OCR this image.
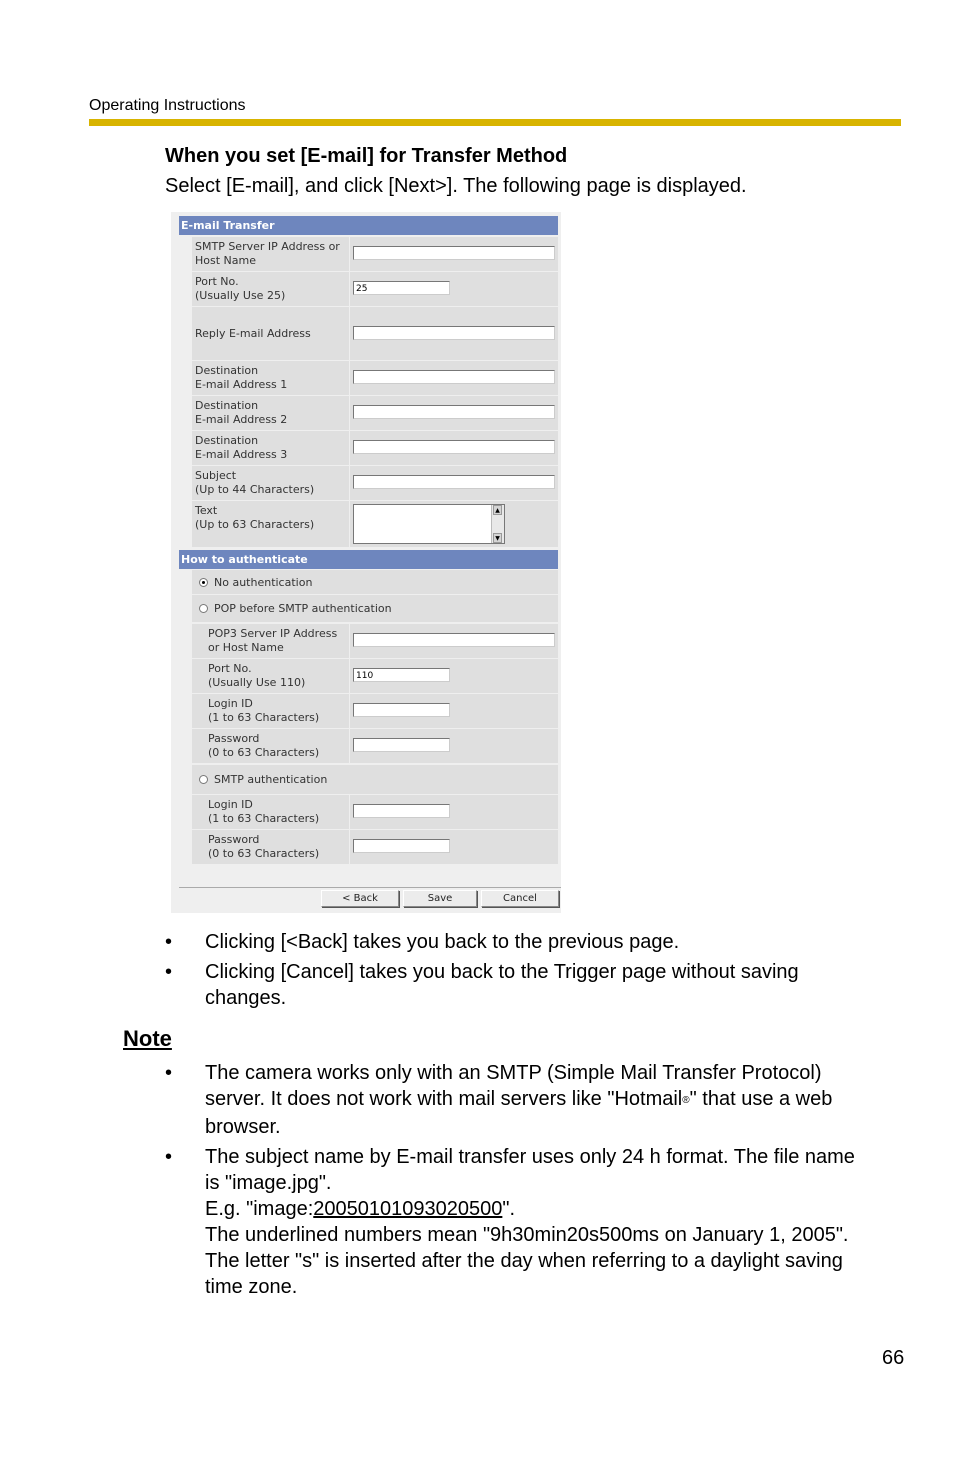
Operating Instructions
When you set [E-mail] for Transfer Method
Select [E-mail], and click [Next>]. The following page is displayed.
E-mail Transfer
SMTP Server IP Address or
Host Name
Port No.
(Usually Use 25)	25
Reply E-mail Address
Destination
E-mail Address 1
Destination
E-mail Address 2
Destination
E-mail Address 3
Subject
(Up to 44 Characters)
Text
(Up to 63 Characters)
▲
▼
How to authenticate
No authentication
POP before SMTP authentication
POP3 Server IP Address
or Host Name
Port No.
(Usually Use 110)	110
Login ID
(1 to 63 Characters)
Password
(0 to 63 Characters)
SMTP authentication
Login ID
(1 to 63 Characters)
Password
(0 to 63 Characters)
< Back	Save	Cancel
• Clicking [<Back] takes you back to the previous page.
• Clicking [Cancel] takes you back to the Trigger page without saving
changes.
Note
• The camera works only with an SMTP (Simple Mail Transfer Protocol)
server. It does not work with mail servers like "Hotmail®" that use a web
browser.
• The subject name by E-mail transfer uses only 24 h format. The file name
is "image.jpg".
E.g. "image:20050101093020500".
The underlined numbers mean "9h30min20s500ms on January 1, 2005".
The letter "s" is inserted after the day when referring to a daylight saving
time zone.
66
